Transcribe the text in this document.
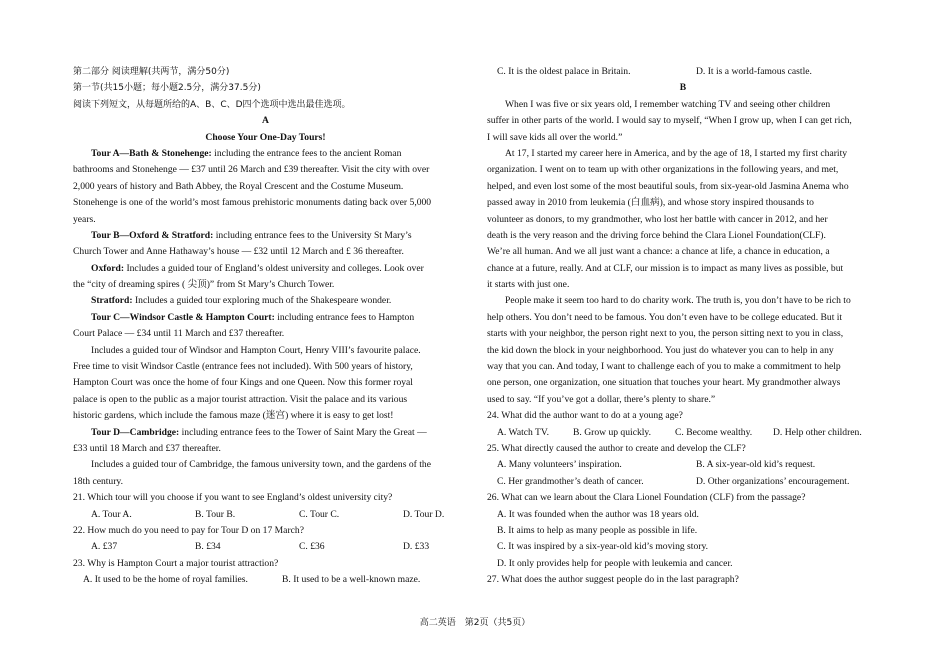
第二部分 阅读理解(共两节，满分50分)
第一节(共15小题；每小题2.5分，满分37.5分)
阅读下列短文，从每题所给的A、B、C、D四个选项中选出最佳选项。
A
Choose Your One-Day Tours!
Tour A—Bath & Stonehenge: including the entrance fees to the ancient Roman
bathrooms and Stonehenge — £37 until 26 March and £39 thereafter. Visit the city with over
2,000 years of history and Bath Abbey, the Royal Crescent and the Costume Museum.
Stonehenge is one of the world’s most famous prehistoric monuments dating back over 5,000
years.
Tour B—Oxford & Stratford: including entrance fees to the University St Mary’s
Church Tower and Anne Hathaway’s house — £32 until 12 March and £ 36 thereafter.
Oxford: Includes a guided tour of England’s oldest university and colleges. Look over
the “city of dreaming spires ( 尖顶)” from St Mary’s Church Tower.
Stratford: Includes a guided tour exploring much of the Shakespeare wonder.
Tour C—Windsor Castle & Hampton Court: including entrance fees to Hampton
Court Palace — £34 until 11 March and £37 thereafter.
Includes a guided tour of Windsor and Hampton Court, Henry VIII’s favourite palace.
Free time to visit Windsor Castle (entrance fees not included). With 500 years of history,
Hampton Court was once the home of four Kings and one Queen. Now this former royal
palace is open to the public as a major tourist attraction. Visit the palace and its various
historic gardens, which include the famous maze (迷宫) where it is easy to get lost!
Tour D—Cambridge: including entrance fees to the Tower of Saint Mary the Great —
£33 until 18 March and £37 thereafter.
Includes a guided tour of Cambridge, the famous university town, and the gardens of the
18th century.
21. Which tour will you choose if you want to see England’s oldest university city?
A. Tour A.	B. Tour B.	C. Tour C.	D. Tour D.
22. How much do you need to pay for Tour D on 17 March?
A. £37	B. £34	C. £36	D. £33
23. Why is Hampton Court a major tourist attraction?
A. It used to be the home of royal families.	B. It used to be a well-known maze.
C. It is the oldest palace in Britain.	D. It is a world-famous castle.
B
When I was five or six years old, I remember watching TV and seeing other children
suffer in other parts of the world. I would say to myself, “When I grow up, when I can get rich,
I will save kids all over the world.”
At 17, I started my career here in America, and by the age of 18, I started my first charity
organization. I went on to team up with other organizations in the following years, and met,
helped, and even lost some of the most beautiful souls, from six-year-old Jasmina Anema who
passed away in 2010 from leukemia (白血病), and whose story inspired thousands to
volunteer as donors, to my grandmother, who lost her battle with cancer in 2012, and her
death is the very reason and the driving force behind the Clara Lionel Foundation(CLF).
We’re all human. And we all just want a chance: a chance at life, a chance in education, a
chance at a future, really. And at CLF, our mission is to impact as many lives as possible, but
it starts with just one.
People make it seem too hard to do charity work. The truth is, you don’t have to be rich to
help others. You don’t need to be famous. You don’t even have to be college educated. But it
starts with your neighbor, the person right next to you, the person sitting next to you in class,
the kid down the block in your neighborhood. You just do whatever you can to help in any
way that you can. And today, I want to challenge each of you to make a commitment to help
one person, one organization, one situation that touches your heart. My grandmother always
used to say. “If you’ve got a dollar, there’s plenty to share.”
24. What did the author want to do at a young age?
A. Watch TV.	B. Grow up quickly.	C. Become wealthy.	D. Help other children.
25. What directly caused the author to create and develop the CLF?
A. Many volunteers’ inspiration.	B. A six-year-old kid’s request.
C. Her grandmother’s death of cancer.	D. Other organizations’ encouragement.
26. What can we learn about the Clara Lionel Foundation (CLF) from the passage?
A. It was founded when the author was 18 years old.
B. It aims to help as many people as possible in life.
C. It was inspired by a six-year-old kid’s moving story.
D. It only provides help for people with leukemia and cancer.
27. What does the author suggest people do in the last paragraph?
高二英语　第2页（共5页）
